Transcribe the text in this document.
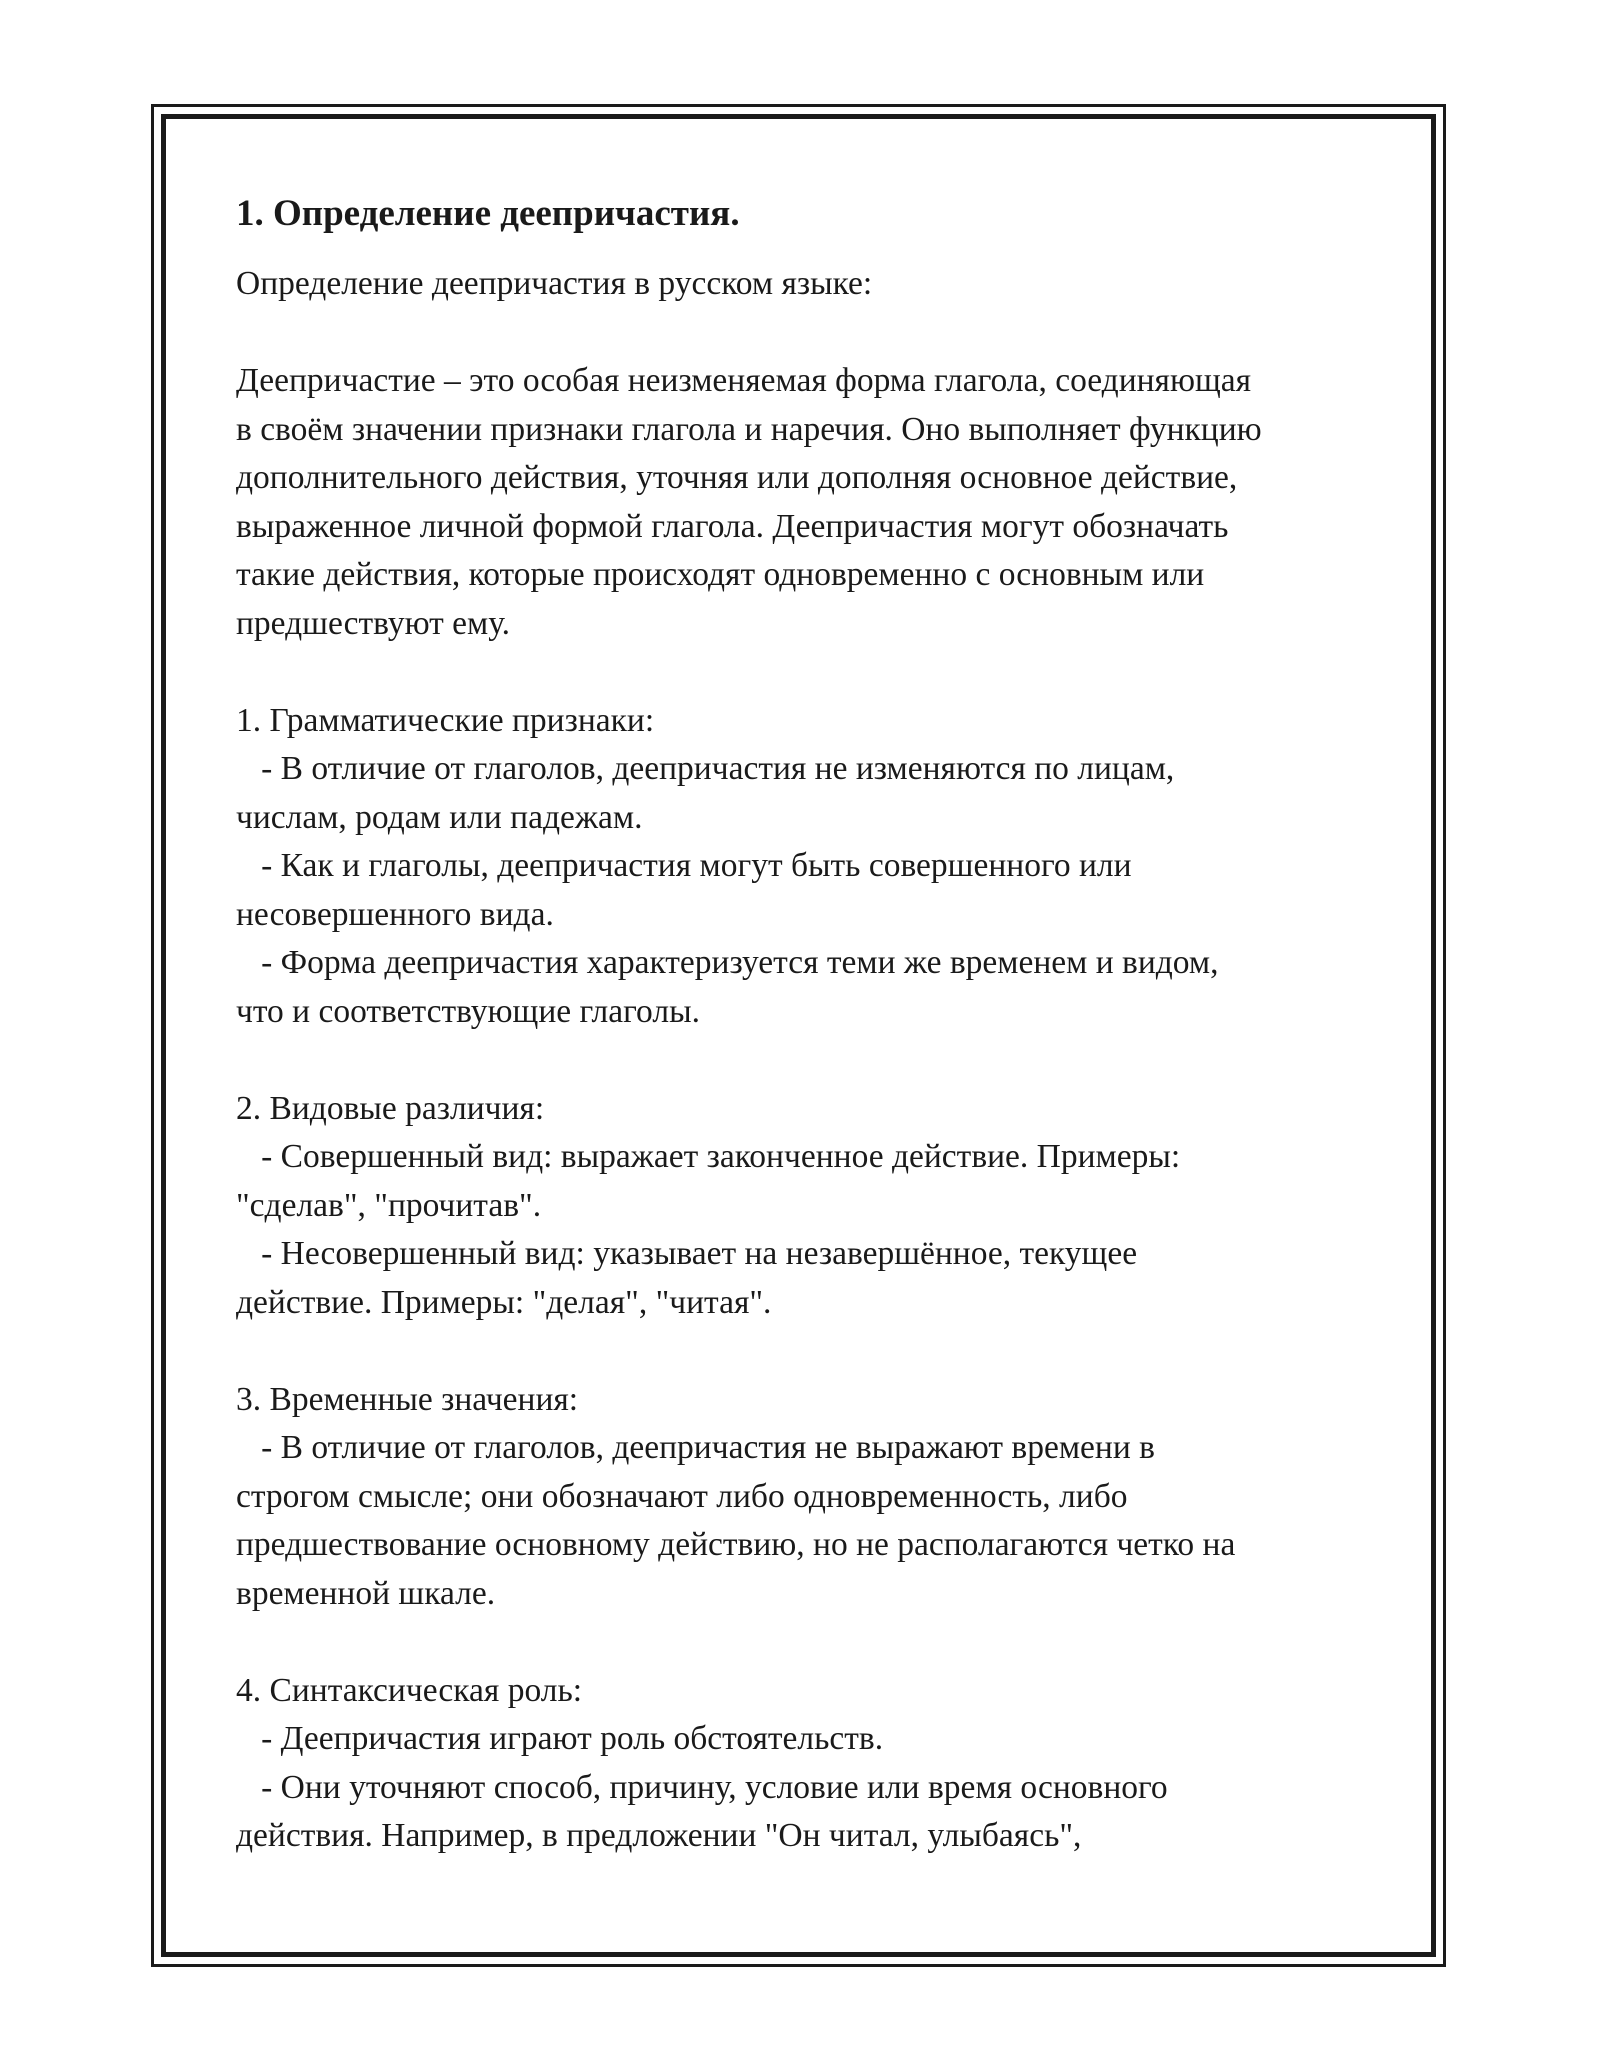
1. Определение деепричастия.
Определение деепричастия в русском языке:
Деепричастие – это особая неизменяемая форма глагола, соединяющая
в своём значении признаки глагола и наречия. Оно выполняет функцию
дополнительного действия, уточняя или дополняя основное действие,
выраженное личной формой глагола. Деепричастия могут обозначать
такие действия, которые происходят одновременно с основным или
предшествуют ему.
1. Грамматические признаки:
- В отличие от глаголов, деепричастия не изменяются по лицам,
числам, родам или падежам.
- Как и глаголы, деепричастия могут быть совершенного или
несовершенного вида.
- Форма деепричастия характеризуется теми же временем и видом,
что и соответствующие глаголы.
2. Видовые различия:
- Совершенный вид: выражает законченное действие. Примеры:
"сделав", "прочитав".
- Несовершенный вид: указывает на незавершённое, текущее
действие. Примеры: "делая", "читая".
3. Временные значения:
- В отличие от глаголов, деепричастия не выражают времени в
строгом смысле; они обозначают либо одновременность, либо
предшествование основному действию, но не располагаются четко на
временной шкале.
4. Синтаксическая роль:
- Деепричастия играют роль обстоятельств.
- Они уточняют способ, причину, условие или время основного
действия. Например, в предложении "Он читал, улыбаясь",
